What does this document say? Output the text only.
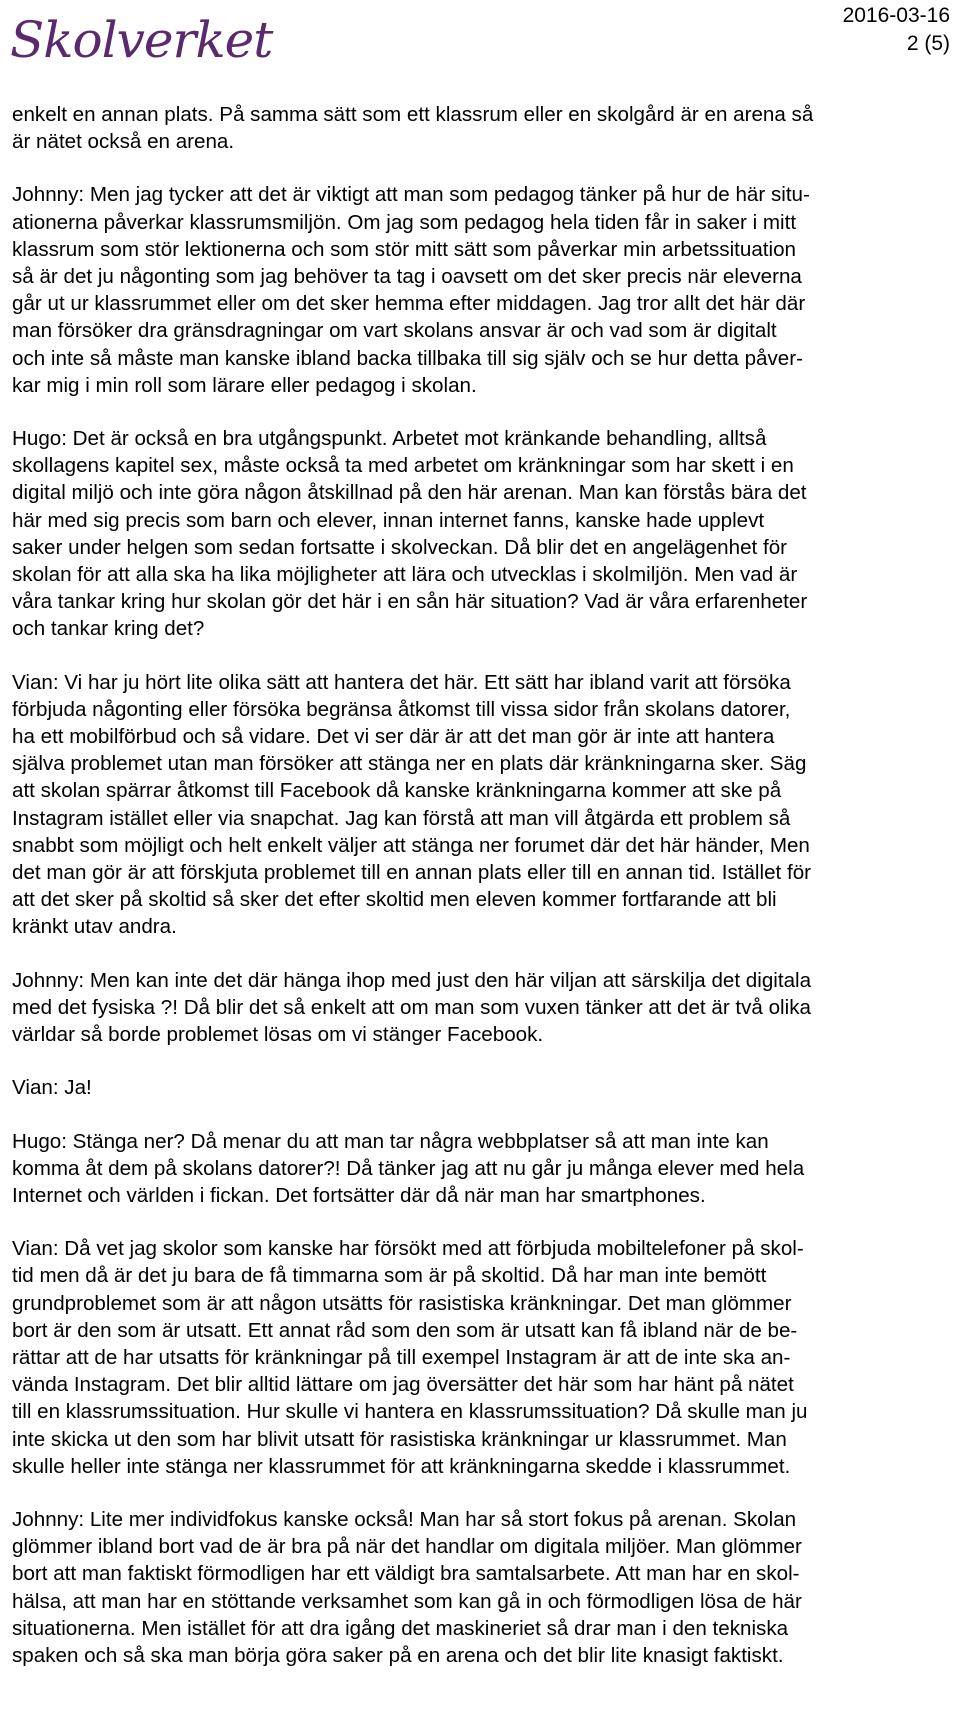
Skolverket	2016-03-16
2 (5)

enkelt en annan plats. På samma sätt som ett klassrum eller en skolgård är en arena så
är nätet också en arena.

Johnny: Men jag tycker att det är viktigt att man som pedagog tänker på hur de här situ-
ationerna påverkar klassrumsmiljön. Om jag som pedagog hela tiden får in saker i mitt
klassrum som stör lektionerna och som stör mitt sätt som påverkar min arbetssituation
så är det ju någonting som jag behöver ta tag i oavsett om det sker precis när eleverna
går ut ur klassrummet eller om det sker hemma efter middagen. Jag tror allt det här där
man försöker dra gränsdragningar om vart skolans ansvar är och vad som är digitalt
och inte så måste man kanske ibland backa tillbaka till sig själv och se hur detta påver-
kar mig i min roll som lärare eller pedagog i skolan.

Hugo: Det är också en bra utgångspunkt. Arbetet mot kränkande behandling, alltså
skollagens kapitel sex, måste också ta med arbetet om kränkningar som har skett i en
digital miljö och inte göra någon åtskillnad på den här arenan. Man kan förstås bära det
här med sig precis som barn och elever, innan internet fanns, kanske hade upplevt
saker under helgen som sedan fortsatte i skolveckan. Då blir det en angelägenhet för
skolan för att alla ska ha lika möjligheter att lära och utvecklas i skolmiljön. Men vad är
våra tankar kring hur skolan gör det här i en sån här situation? Vad är våra erfarenheter
och tankar kring det?

Vian: Vi har ju hört lite olika sätt att hantera det här. Ett sätt har ibland varit att försöka
förbjuda någonting eller försöka begränsa åtkomst till vissa sidor från skolans datorer,
ha ett mobilförbud och så vidare. Det vi ser där är att det man gör är inte att hantera
själva problemet utan man försöker att stänga ner en plats där kränkningarna sker. Säg
att skolan spärrar åtkomst till Facebook då kanske kränkningarna kommer att ske på
Instagram istället eller via snapchat. Jag kan förstå att man vill åtgärda ett problem så
snabbt som möjligt och helt enkelt väljer att stänga ner forumet där det här händer, Men
det man gör är att förskjuta problemet till en annan plats eller till en annan tid. Istället för
att det sker på skoltid så sker det efter skoltid men eleven kommer fortfarande att bli
kränkt utav andra.

Johnny: Men kan inte det där hänga ihop med just den här viljan att särskilja det digitala
med det fysiska ?! Då blir det så enkelt att om man som vuxen tänker att det är två olika
världar så borde problemet lösas om vi stänger Facebook.

Vian: Ja!

Hugo: Stänga ner? Då menar du att man tar några webbplatser så att man inte kan
komma åt dem på skolans datorer?! Då tänker jag att nu går ju många elever med hela
Internet och världen i fickan. Det fortsätter där då när man har smartphones.

Vian: Då vet jag skolor som kanske har försökt med att förbjuda mobiltelefoner på skol-
tid men då är det ju bara de få timmarna som är på skoltid. Då har man inte bemött
grundproblemet som är att någon utsätts för rasistiska kränkningar. Det man glömmer
bort är den som är utsatt. Ett annat råd som den som är utsatt kan få ibland när de be-
rättar att de har utsatts för kränkningar på till exempel Instagram är att de inte ska an-
vända Instagram. Det blir alltid lättare om jag översätter det här som har hänt på nätet
till en klassrumssituation. Hur skulle vi hantera en klassrumssituation? Då skulle man ju
inte skicka ut den som har blivit utsatt för rasistiska kränkningar ur klassrummet. Man
skulle heller inte stänga ner klassrummet för att kränkningarna skedde i klassrummet.

Johnny: Lite mer individfokus kanske också! Man har så stort fokus på arenan. Skolan
glömmer ibland bort vad de är bra på när det handlar om digitala miljöer. Man glömmer
bort att man faktiskt förmodligen har ett väldigt bra samtalsarbete. Att man har en skol-
hälsa, att man har en stöttande verksamhet som kan gå in och förmodligen lösa de här
situationerna. Men istället för att dra igång det maskineriet så drar man i den tekniska
spaken och så ska man börja göra saker på en arena och det blir lite knasigt faktiskt.
